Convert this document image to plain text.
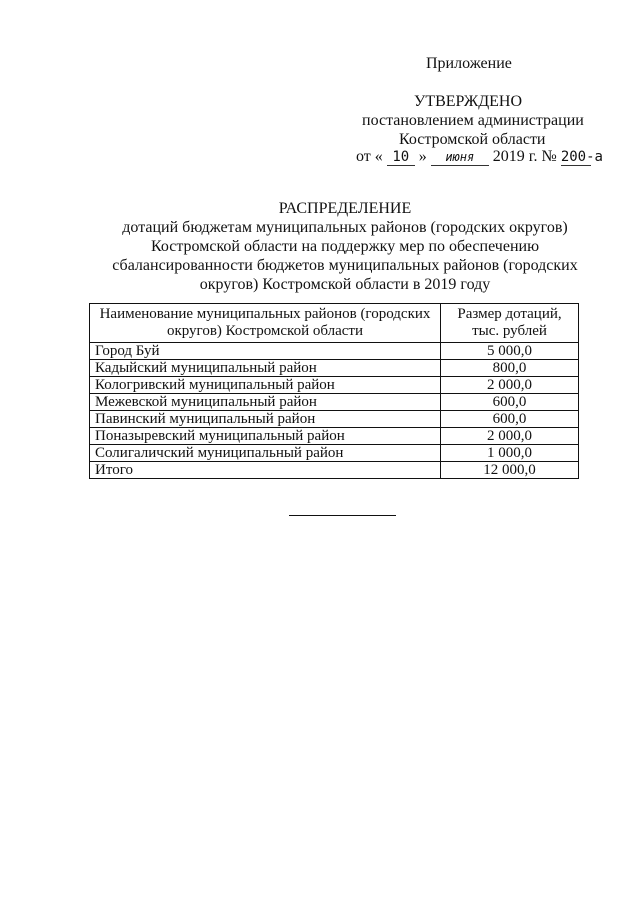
Приложение
УТВЕРЖДЕНО
постановлением администрации
Костромской области
от « 10 » июня 2019 г. № 200-а
РАСПРЕДЕЛЕНИЕ
дотаций бюджетам муниципальных районов (городских округов)
Костромской области на поддержку мер по обеспечению
сбалансированности бюджетов муниципальных районов (городских
округов) Костромской области в 2019 году
Наименование муниципальных районов (городских
округов) Костромской области	Размер дотаций,
тыс. рублей

Город Буй	5 000,0
Кадыйский муниципальный район	800,0
Кологривский муниципальный район	2 000,0
Межевской муниципальный район	600,0
Павинский муниципальный район	600,0
Поназыревский муниципальный район	2 000,0
Солигаличский муниципальный район	1 000,0
Итого	12 000,0
